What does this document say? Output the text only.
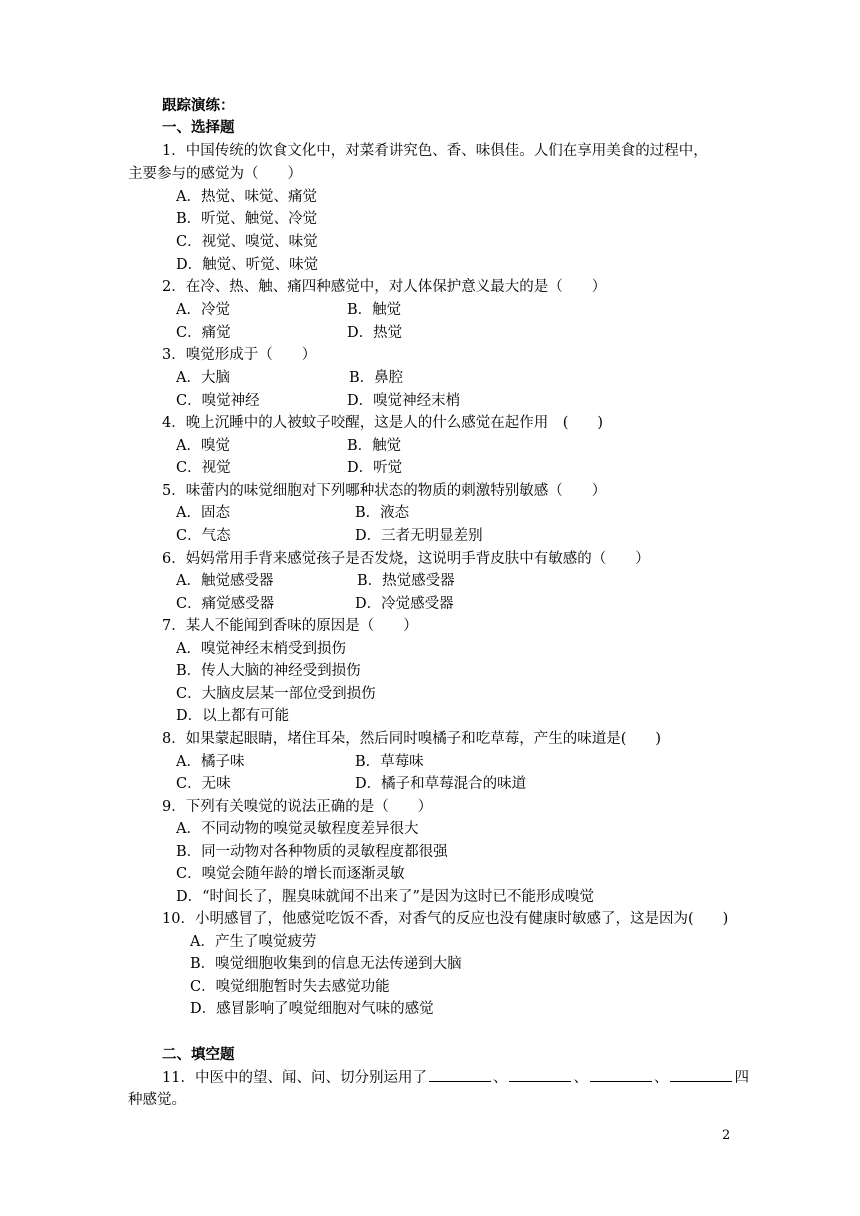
跟踪演练：
一、选择题
1．中国传统的饮食文化中，对菜肴讲究色、香、味俱佳。人们在享用美食的过程中，
主要参与的感觉为（　　）
A．热觉、味觉、痛觉
B．听觉、触觉、冷觉
C．视觉、嗅觉、味觉
D．触觉、听觉、味觉
2．在冷、热、触、痛四种感觉中，对人体保护意义最大的是（　　）
A．冷觉	B．触觉
C．痛觉	D．热觉
3．嗅觉形成于（　　）
A．大脑	B．鼻腔
C．嗅觉神经	D．嗅觉神经末梢
4．晚上沉睡中的人被蚊子咬醒，这是人的什么感觉在起作用　(　　)
A．嗅觉	B．触觉
C．视觉	D．听觉
5．味蕾内的味觉细胞对下列哪种状态的物质的刺激特别敏感（　　）
A．固态	B．液态
C．气态	D．三者无明显差别
6．妈妈常用手背来感觉孩子是否发烧，这说明手背皮肤中有敏感的（　　）
A．触觉感受器	B．热觉感受器
C．痛觉感受器	D．冷觉感受器
7．某人不能闻到香味的原因是（　　）
A．嗅觉神经末梢受到损伤
B．传人大脑的神经受到损伤
C．大脑皮层某一部位受到损伤
D．以上都有可能
8．如果蒙起眼睛，堵住耳朵，然后同时嗅橘子和吃草莓，产生的味道是(　　)
A．橘子味	B．草莓味
C．无味	D．橘子和草莓混合的味道
9．下列有关嗅觉的说法正确的是（　　）
A．不同动物的嗅觉灵敏程度差异很大
B．同一动物对各种物质的灵敏程度都很强
C．嗅觉会随年龄的增长而逐渐灵敏
D．“时间长了，腥臭味就闻不出来了”是因为这时已不能形成嗅觉
10．小明感冒了，他感觉吃饭不香，对香气的反应也没有健康时敏感了，这是因为(　　)
A．产生了嗅觉疲劳
B．嗅觉细胞收集到的信息无法传递到大脑
C．嗅觉细胞暂时失去感觉功能
D．感冒影响了嗅觉细胞对气味的感觉
二、填空题
11．中医中的望、闻、问、切分别运用了	、	、	、	四
种感觉。
2
